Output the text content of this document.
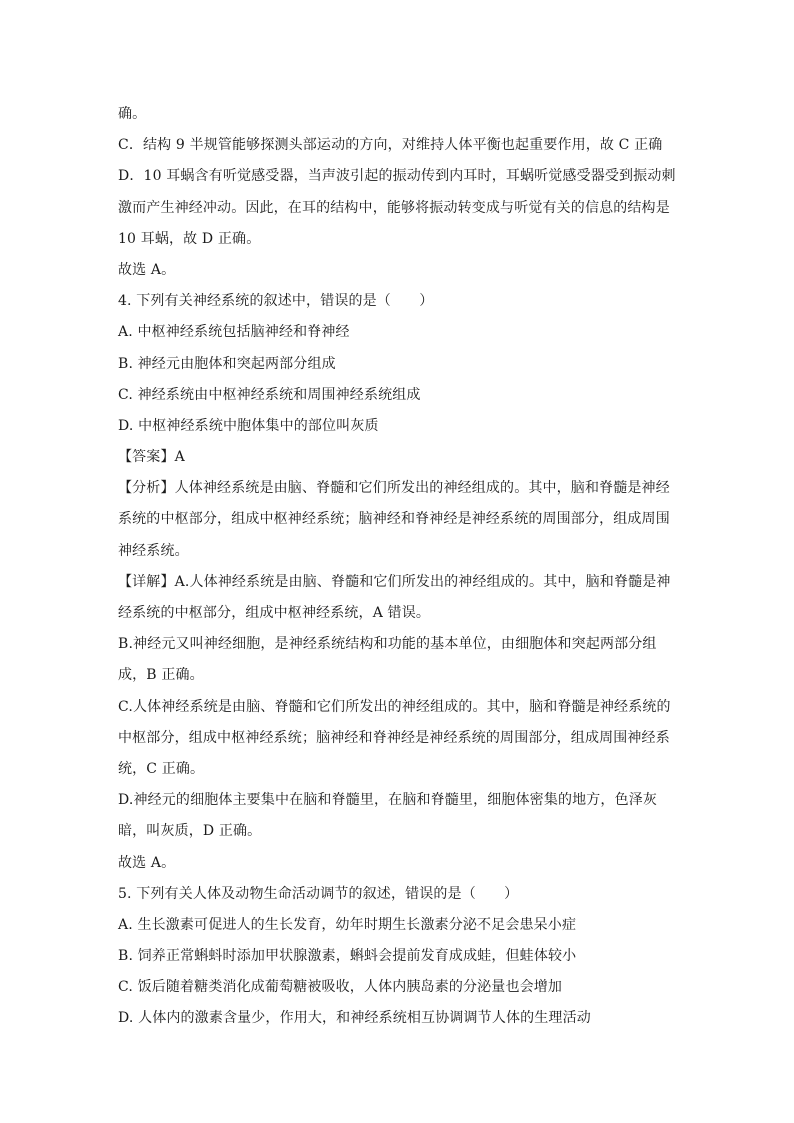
确。
C．结构 9 半规管能够探测头部运动的方向，对维持人体平衡也起重要作用，故 C 正确
D．10 耳蜗含有听觉感受器，当声波引起的振动传到内耳时，耳蜗听觉感受器受到振动刺
激而产生神经冲动。因此，在耳的结构中，能够将振动转变成与听觉有关的信息的结构是
10 耳蜗，故 D 正确。
故选 A。
4. 下列有关神经系统的叙述中，错误的是（　　）
A. 中枢神经系统包括脑神经和脊神经
B. 神经元由胞体和突起两部分组成
C. 神经系统由中枢神经系统和周围神经系统组成
D. 中枢神经系统中胞体集中的部位叫灰质
【答案】A
【分析】人体神经系统是由脑、脊髓和它们所发出的神经组成的。其中，脑和脊髓是神经
系统的中枢部分，组成中枢神经系统；脑神经和脊神经是神经系统的周围部分，组成周围
神经系统。
【详解】A.人体神经系统是由脑、脊髓和它们所发出的神经组成的。其中，脑和脊髓是神
经系统的中枢部分，组成中枢神经系统，A 错误。
B.神经元又叫神经细胞，是神经系统结构和功能的基本单位，由细胞体和突起两部分组
成，B 正确。
C.人体神经系统是由脑、脊髓和它们所发出的神经组成的。其中，脑和脊髓是神经系统的
中枢部分，组成中枢神经系统；脑神经和脊神经是神经系统的周围部分，组成周围神经系
统，C 正确。
D.神经元的细胞体主要集中在脑和脊髓里，在脑和脊髓里，细胞体密集的地方，色泽灰
暗，叫灰质，D 正确。
故选 A。
5. 下列有关人体及动物生命活动调节的叙述，错误的是（　　）
A. 生长激素可促进人的生长发育，幼年时期生长激素分泌不足会患呆小症
B. 饲养正常蝌蚪时添加甲状腺激素，蝌蚪会提前发育成成蛙，但蛙体较小
C. 饭后随着糖类消化成葡萄糖被吸收，人体内胰岛素的分泌量也会增加
D. 人体内的激素含量少，作用大，和神经系统相互协调调节人体的生理活动
